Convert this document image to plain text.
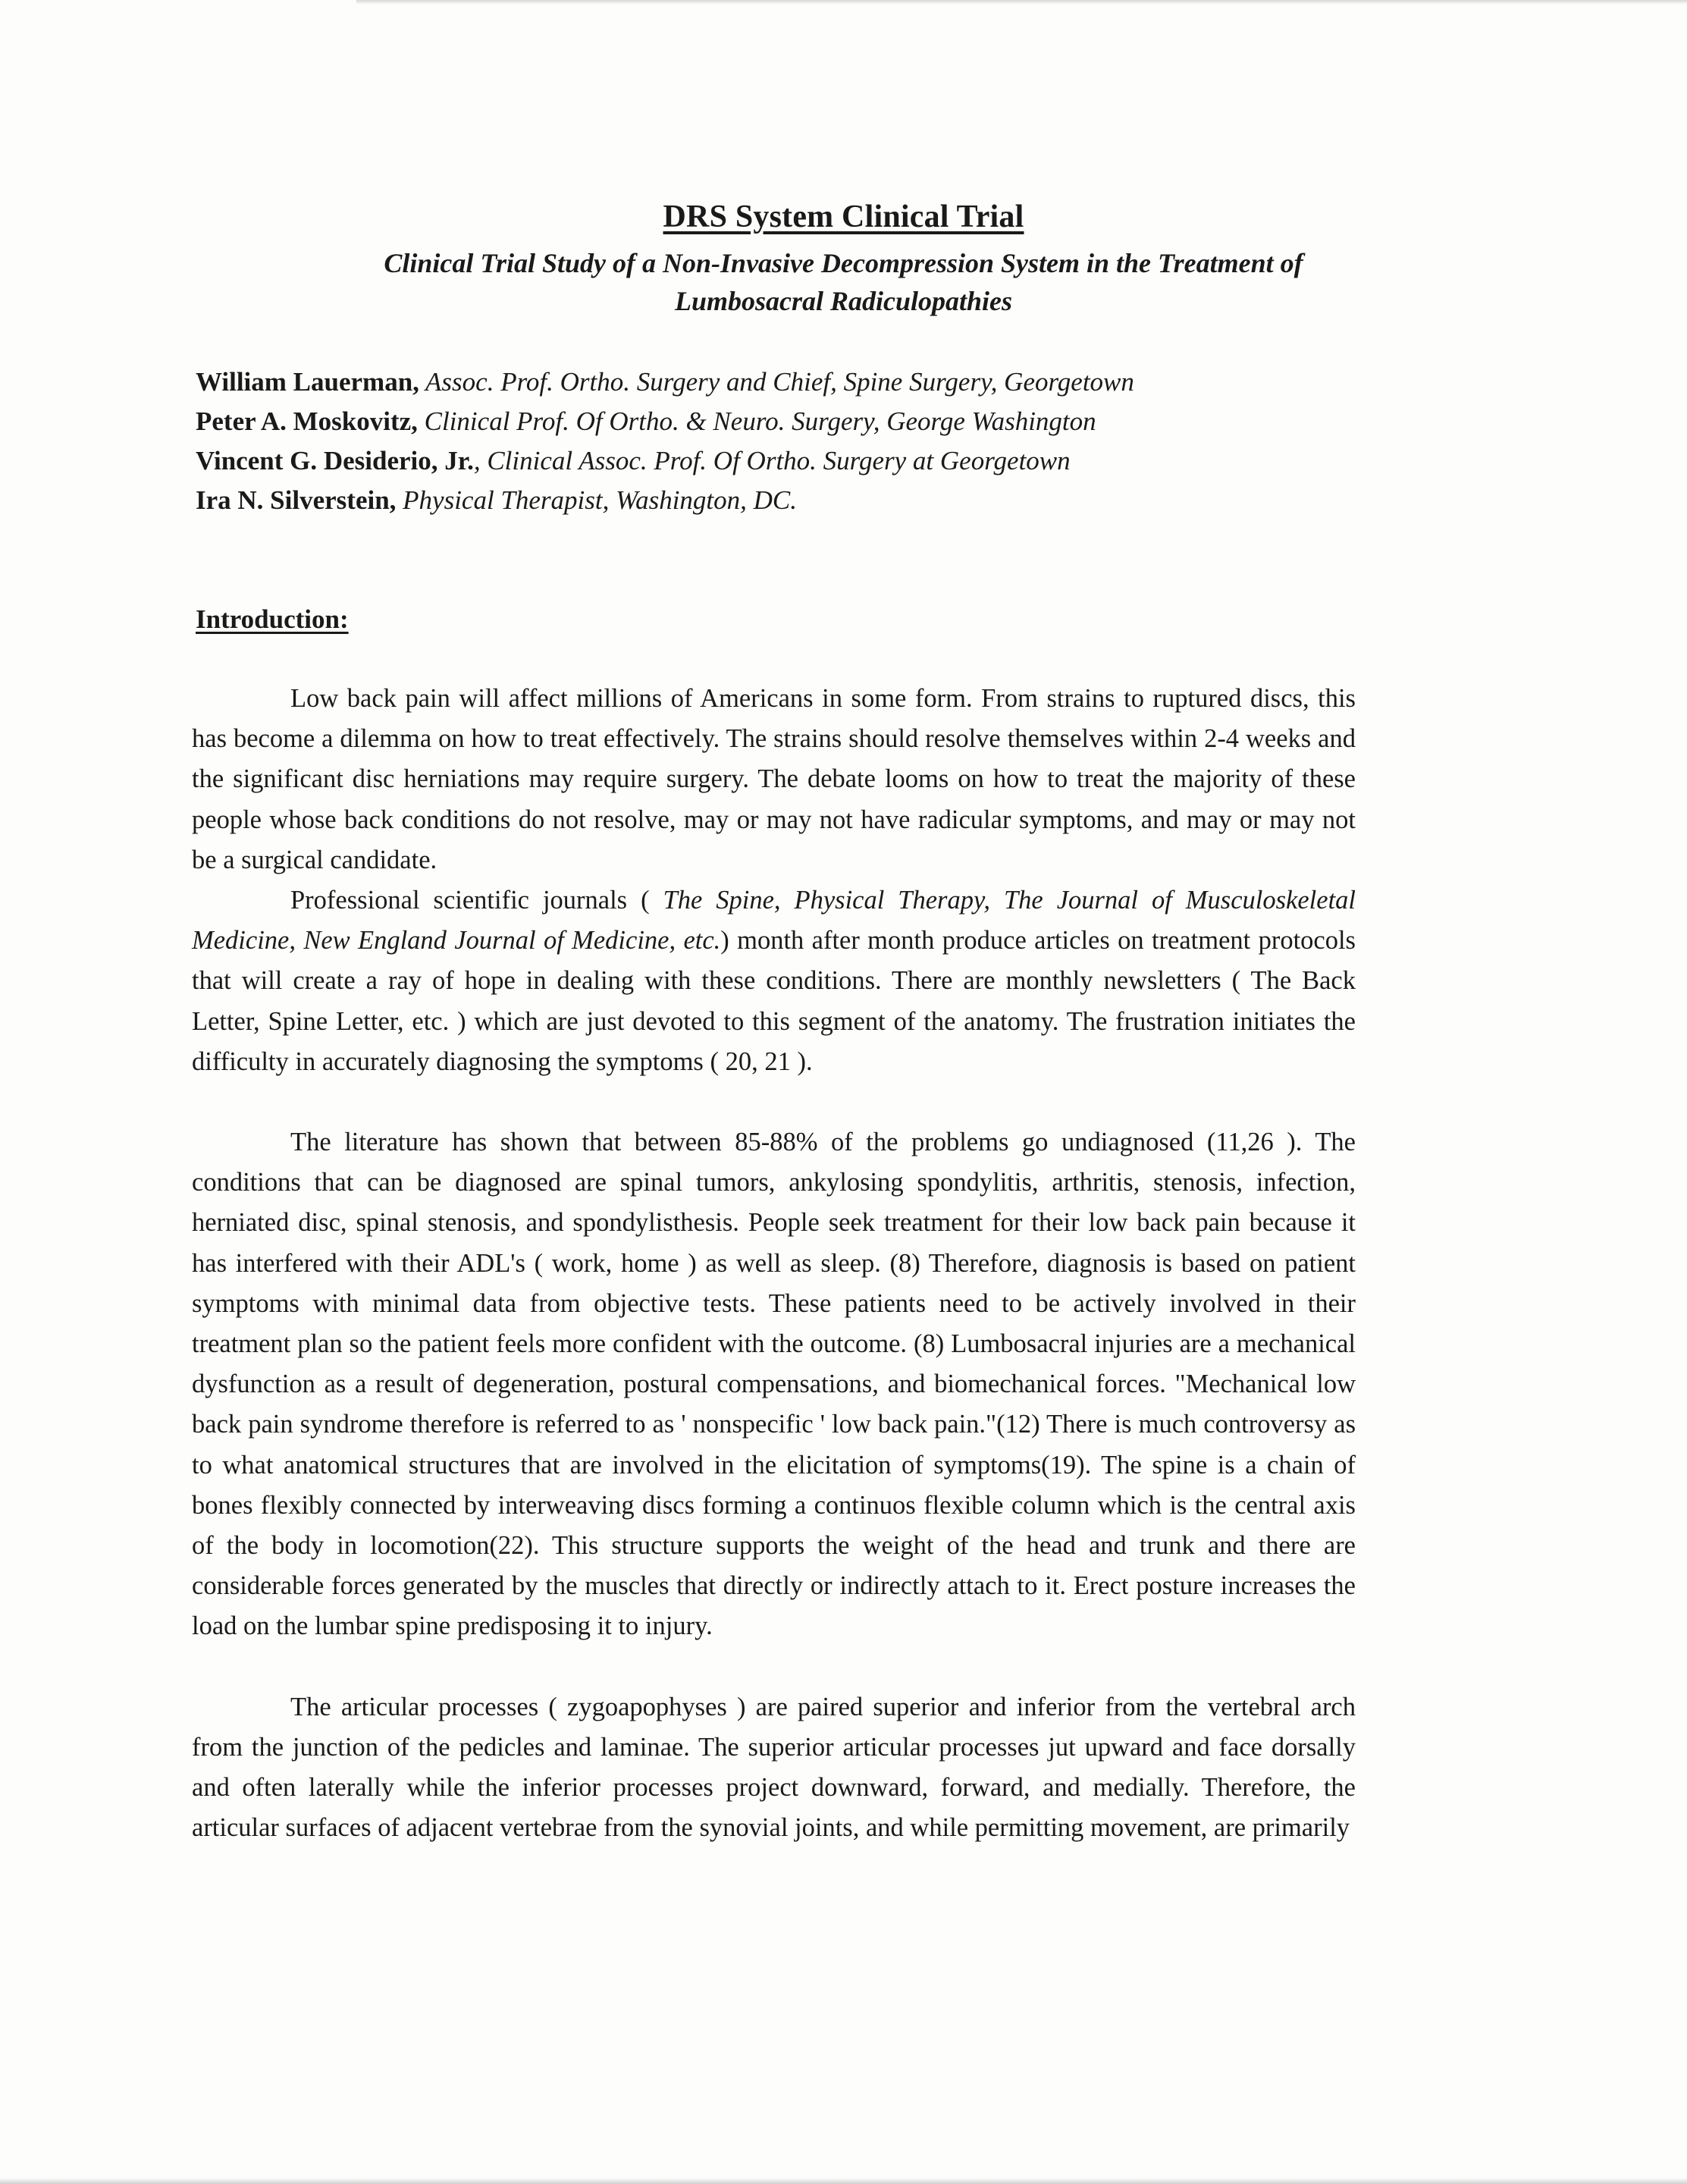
DRS System Clinical Trial
Clinical Trial Study of a Non-Invasive Decompression System in the Treatment of
Lumbosacral Radiculopathies
William Lauerman, Assoc. Prof. Ortho. Surgery and Chief, Spine Surgery, Georgetown
Peter A. Moskovitz, Clinical Prof. Of Ortho. & Neuro. Surgery, George Washington
Vincent G. Desiderio, Jr., Clinical Assoc. Prof. Of Ortho. Surgery at Georgetown
Ira N. Silverstein, Physical Therapist, Washington, DC.
Introduction:

Low back pain will affect millions of Americans in some form. From strains to ruptured discs, this has become a dilemma on how to treat effectively. The strains should resolve themselves within 2-4 weeks and the significant disc herniations may require surgery. The debate looms on how to treat the majority of these people whose back conditions do not resolve, may or may not have radicular symptoms, and may or may not be a surgical candidate.

Professional scientific journals ( The Spine, Physical Therapy, The Journal of Musculoskeletal Medicine, New England Journal of Medicine, etc.) month after month produce articles on treatment protocols that will create a ray of hope in dealing with these conditions. There are monthly newsletters ( The Back Letter, Spine Letter, etc. ) which are just devoted to this segment of the anatomy. The frustration initiates the difficulty in accurately diagnosing the symptoms ( 20, 21 ).

The literature has shown that between 85-88% of the problems go undiagnosed (11,26 ). The conditions that can be diagnosed are spinal tumors, ankylosing spondylitis, arthritis, stenosis, infection, herniated disc, spinal stenosis, and spondylisthesis. People seek treatment for their low back pain because it has interfered with their ADL's ( work, home ) as well as sleep. (8) Therefore, diagnosis is based on patient symptoms with minimal data from objective tests. These patients need to be actively involved in their treatment plan so the patient feels more confident with the outcome. (8) Lumbosacral injuries are a mechanical dysfunction as a result of degeneration, postural compensations, and biomechanical forces. "Mechanical low back pain syndrome therefore is referred to as ' nonspecific ' low back pain."(12) There is much controversy as to what anatomical structures that are involved in the elicitation of symptoms(19). The spine is a chain of bones flexibly connected by interweaving discs forming a continuos flexible column which is the central axis of the body in locomotion(22). This structure supports the weight of the head and trunk and there are considerable forces generated by the muscles that directly or indirectly attach to it. Erect posture increases the load on the lumbar spine predisposing it to injury.

The articular processes ( zygoapophyses ) are paired superior and inferior from the vertebral arch from the junction of the pedicles and laminae. The superior articular processes jut upward and face dorsally and often laterally while the inferior processes project downward, forward, and medially. Therefore, the articular surfaces of adjacent vertebrae from the synovial joints, and while permitting movement, are primarily
